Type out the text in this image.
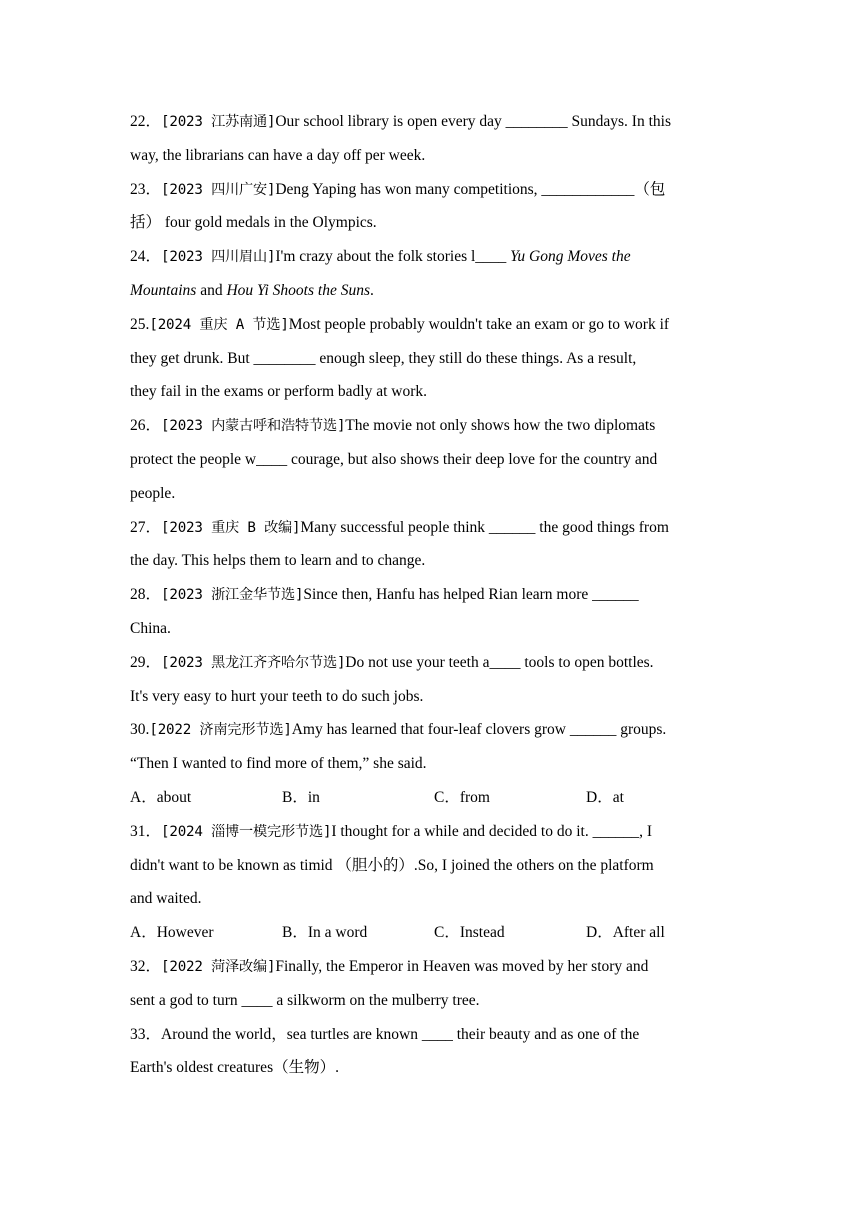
22．[2023 江苏南通]Our school library is open every day ________ Sundays. In this
way, the librarians can have a day off per week.
23．[2023 四川广安]Deng Yaping has won many competitions, ____________（包
括） four gold medals in the Olympics.
24．[2023 四川眉山]I'm crazy about the folk stories l____ Yu Gong Moves the
Mountains and Hou Yi Shoots the Suns.
25.[2024 重庆 A 节选]Most people probably wouldn't take an exam or go to work if
they get drunk. But ________ enough sleep, they still do these things. As a result,
they fail in the exams or perform badly at work.
26．[2023 内蒙古呼和浩特节选]The movie not only shows how the two diplomats
protect the people w____ courage, but also shows their deep love for the country and
people.
27．[2023 重庆 B 改编]Many successful people think ______ the good things from
the day. This helps them to learn and to change.
28．[2023 浙江金华节选]Since then, Hanfu has helped Rian learn more ______
China.
29．[2023 黑龙江齐齐哈尔节选]Do not use your teeth a____ tools to open bottles.
It's very easy to hurt your teeth to do such jobs.
30.[2022 济南完形节选]Amy has learned that four-leaf clovers grow ______ groups.
“Then I wanted to find more of them,” she said.
A．about	B．in	C．from	D．at
31．[2024 淄博一模完形节选]I thought for a while and decided to do it. ______, I
didn't want to be known as timid （胆小的）.So, I joined the others on the platform
and waited.
A．However	B．In a word	C．Instead	D．After all
32．[2022 菏泽改编]Finally, the Emperor in Heaven was moved by her story and
sent a god to turn ____ a silkworm on the mulberry tree.
33．Around the world，sea turtles are known ____ their beauty and as one of the
Earth's oldest creatures（生物）.
